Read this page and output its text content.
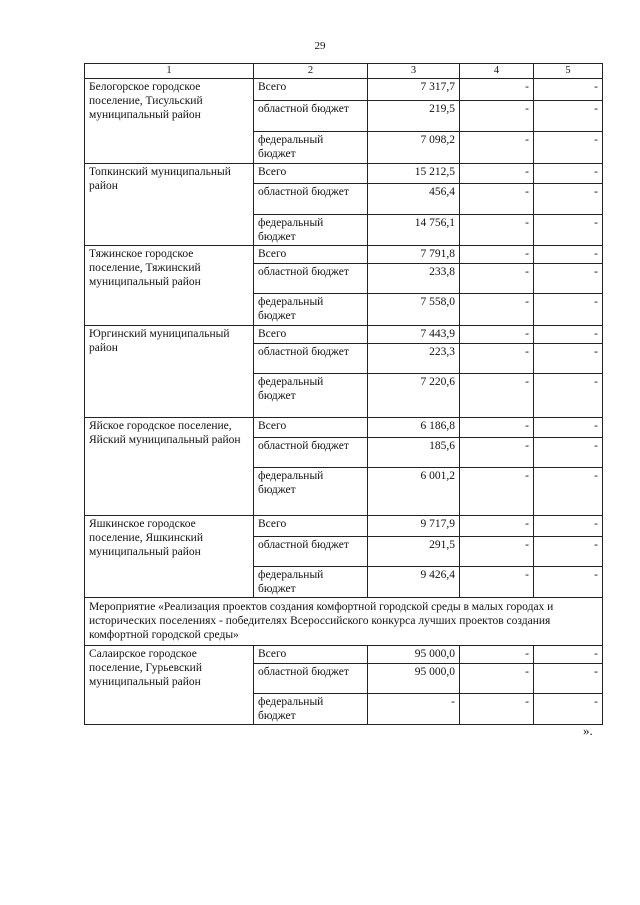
29
1	2	3	4	5
Белогорское городское поселение, Тисульский муниципальный район	Всего	7 317,7	-	-
	областной бюджет	219,5	-	-
	федеральный бюджет	7 098,2	-	-
Топкинский муниципальный район	Всего	15 212,5	-	-
	областной бюджет	456,4	-	-
	федеральный бюджет	14 756,1	-	-
Тяжинское городское поселение, Тяжинский муниципальный район	Всего	7 791,8	-	-
	областной бюджет	233,8	-	-
	федеральный бюджет	7 558,0	-	-
Юргинский муниципальный район	Всего	7 443,9	-	-
	областной бюджет	223,3	-	-
	федеральный бюджет	7 220,6	-	-
Яйское городское поселение, Яйский муниципальный район	Всего	6 186,8	-	-
	областной бюджет	185,6	-	-
	федеральный бюджет	6 001,2	-	-
Яшкинское городское поселение, Яшкинский муниципальный район	Всего	9 717,9	-	-
	областной бюджет	291,5	-	-
	федеральный бюджет	9 426,4	-	-
Мероприятие «Реализация проектов создания комфортной городской среды в малых городах и исторических поселениях - победителях Всероссийского конкурса лучших проектов создания комфортной городской среды»				
Салаирское городское поселение, Гурьевский муниципальный район	Всего	95 000,0	-	-
	областной бюджет	95 000,0	-	-
	федеральный бюджет	-	-	-
».
